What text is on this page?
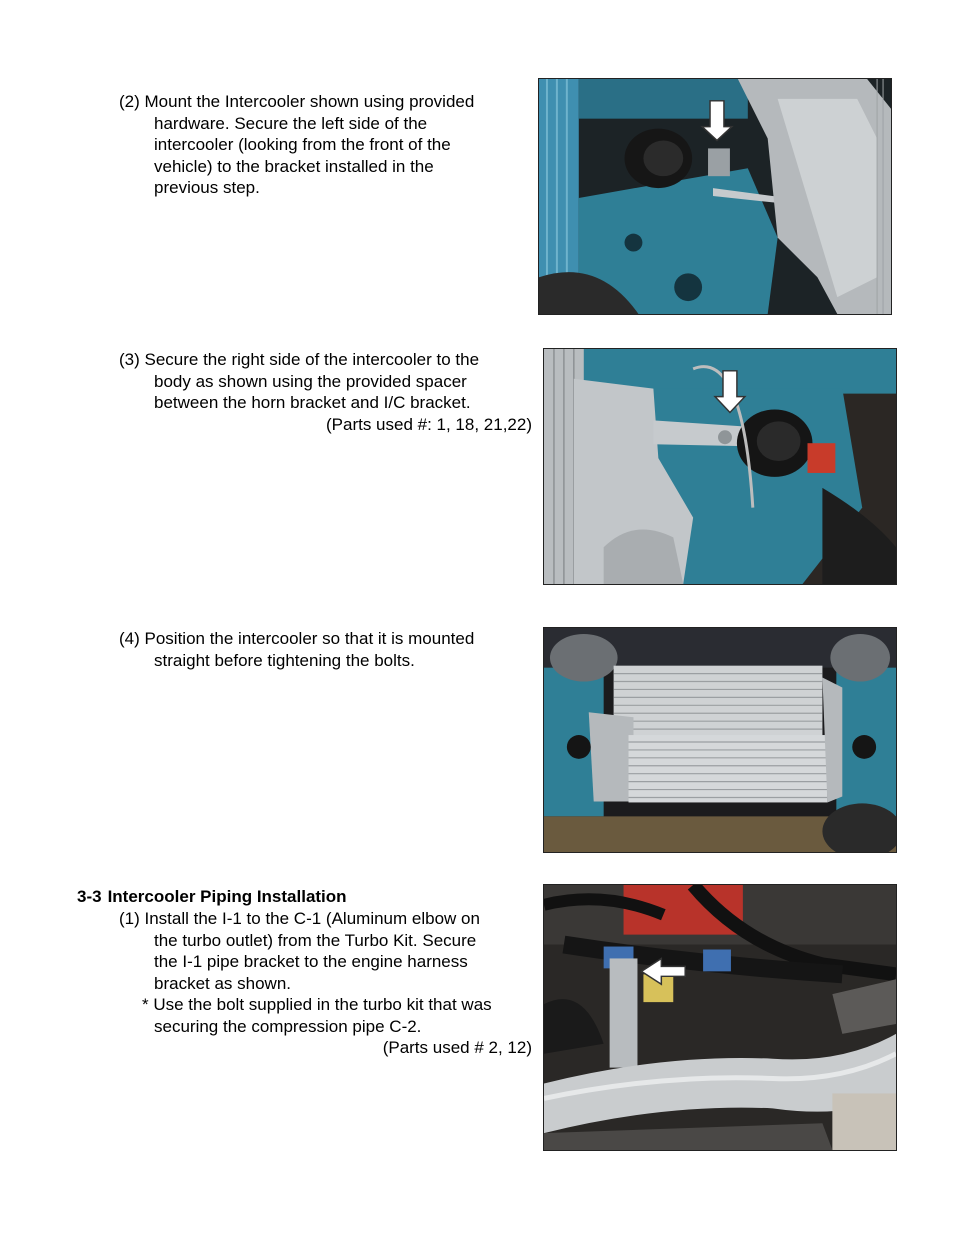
(2) Mount the Intercooler shown using provided
hardware. Secure the left side of the
intercooler (looking from the front of the
vehicle) to the bracket installed in the
previous step.
(3) Secure the right side of the intercooler to the
body as shown using the provided spacer
between the horn bracket and I/C bracket.
(Parts used #: 1, 18, 21,22)
(4) Position the intercooler so that it is mounted
straight before tightening the bolts.
3-3 Intercooler Piping Installation
(1) Install the I-1 to the C-1 (Aluminum elbow on
the turbo outlet) from the Turbo Kit. Secure
the I-1 pipe bracket to the engine harness
bracket as shown.
* Use the bolt supplied in the turbo kit that was
securing the compression pipe C-2.
(Parts used # 2, 12)
